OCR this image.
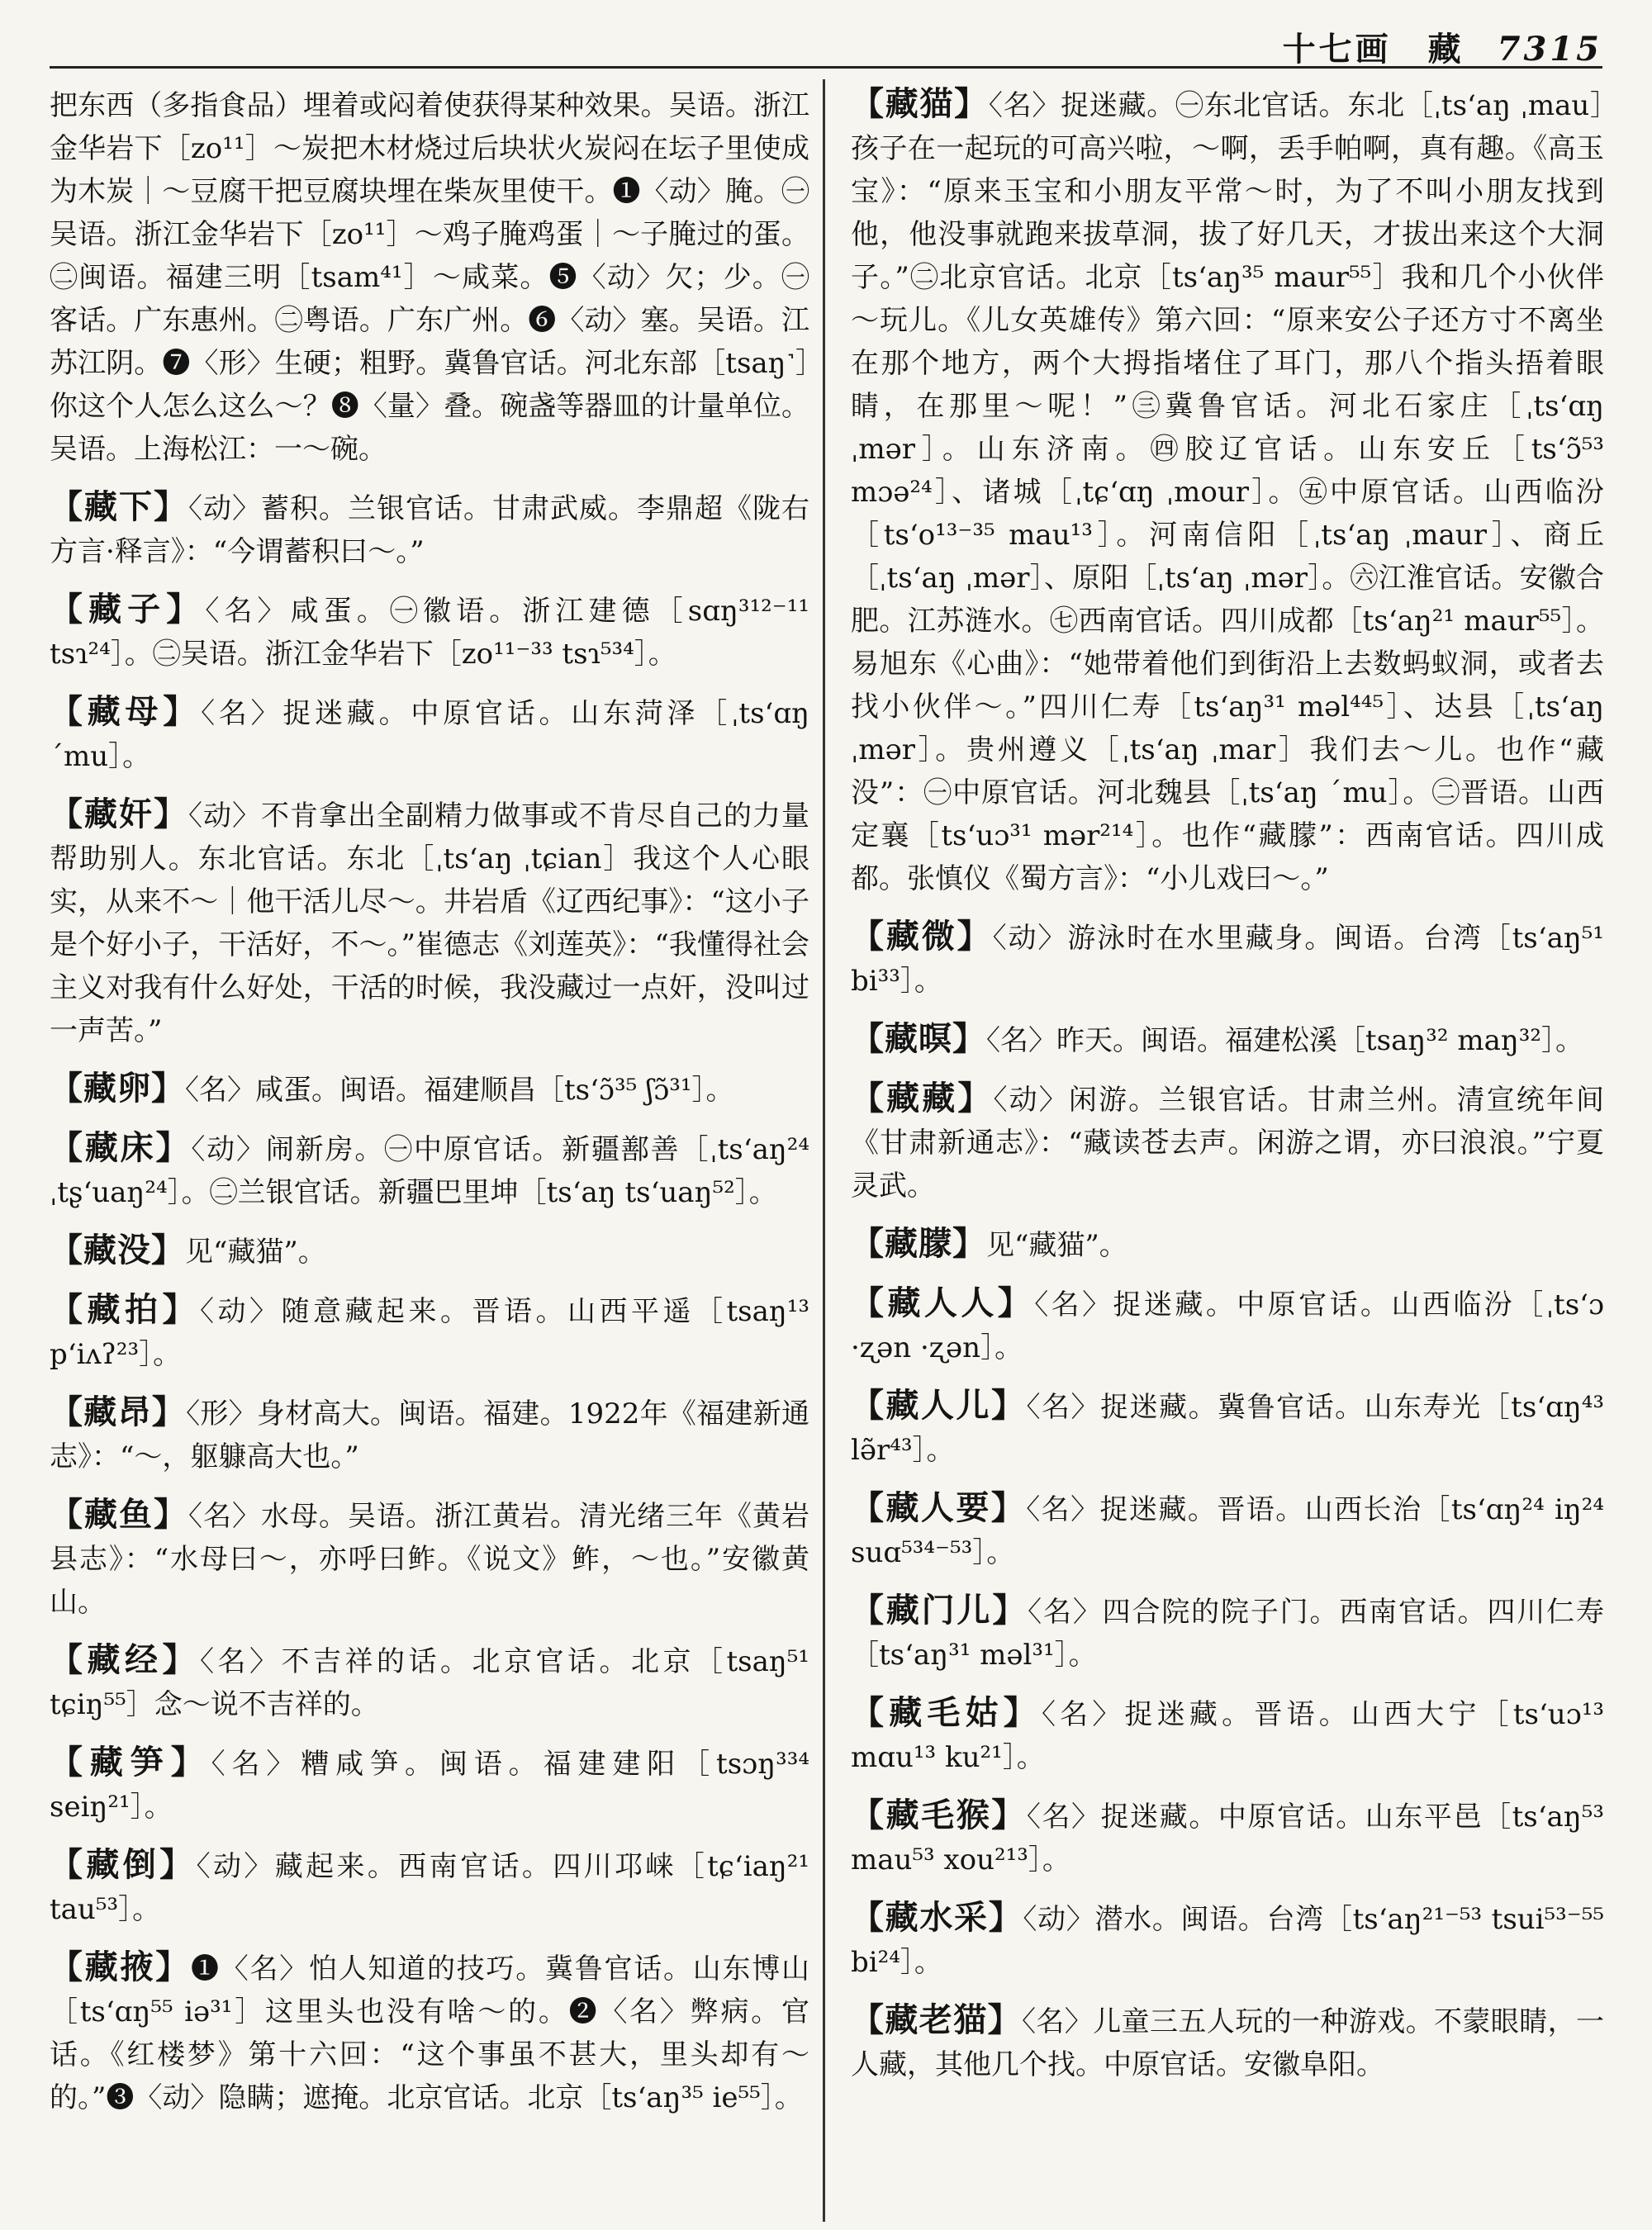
十七画　藏 7315

把东西（多指食品）埋着或闷着使获得某种效果。吴语。浙江金华岩下［zo¹¹］～炭把木材烧过后块状火炭闷在坛子里使成为木炭｜～豆腐干把豆腐块埋在柴灰里使干。❶〈动〉腌。㊀吴语。浙江金华岩下［zo¹¹］～鸡子腌鸡蛋｜～子腌过的蛋。㊁闽语。福建三明［tsam⁴¹］～咸菜。❺〈动〉欠；少。㊀客话。广东惠州。㊁粤语。广东广州。❻〈动〉塞。吴语。江苏江阴。❼〈形〉生硬；粗野。冀鲁官话。河北东部［tsaŋ˺］你这个人怎么这么～？❽〈量〉叠。碗盏等器皿的计量单位。吴语。上海松江：一～碗。

【藏下】〈动〉蓄积。兰银官话。甘肃武威。李鼎超《陇右方言·释言》：“今谓蓄积曰～。”

【藏子】〈名〉咸蛋。㊀徽语。浙江建德［sɑŋ³¹²⁻¹¹ tsɿ²⁴］。㊁吴语。浙江金华岩下［zo¹¹⁻³³ tsɿ⁵³⁴］。

【藏母】〈名〉捉迷藏。中原官话。山东菏泽［ˌtsʻɑŋ ˊmu］。

【藏奸】〈动〉不肯拿出全副精力做事或不肯尽自己的力量帮助别人。东北官话。东北［ˌtsʻaŋ ˌtɕian］我这个人心眼实，从来不～｜他干活儿尽～。井岩盾《辽西纪事》：“这小子是个好小子，干活好，不～。”崔德志《刘莲英》：“我懂得社会主义对我有什么好处，干活的时候，我没藏过一点奸，没叫过一声苦。”

【藏卵】〈名〉咸蛋。闽语。福建顺昌［tsʻɔ̃³⁵ ʃɔ̃³¹］。

【藏床】〈动〉闹新房。㊀中原官话。新疆鄯善［ˌtsʻaŋ²⁴ ˌtʂʻuaŋ²⁴］。㊁兰银官话。新疆巴里坤［tsʻaŋ tsʻuaŋ⁵²］。

【藏没】见“藏猫”。

【藏拍】〈动〉随意藏起来。晋语。山西平遥［tsaŋ¹³ pʻiʌʔ²³］。

【藏昂】〈形〉身材高大。闽语。福建。1922年《福建新通志》：“～，躯躿高大也。”

【藏鱼】〈名〉水母。吴语。浙江黄岩。清光绪三年《黄岩县志》：“水母曰～，亦呼曰鲊。《说文》鲊，～也。”安徽黄山。

【藏经】〈名〉不吉祥的话。北京官话。北京［tsaŋ⁵¹ tɕiŋ⁵⁵］念～说不吉祥的。

【藏笋】〈名〉糟咸笋。闽语。福建建阳［tsɔŋ³³⁴ seiŋ²¹］。

【藏倒】〈动〉藏起来。西南官话。四川邛崃［tɕʻiaŋ²¹ tau⁵³］。

【藏掖】❶〈名〉怕人知道的技巧。冀鲁官话。山东博山［tsʻɑŋ⁵⁵ iə³¹］这里头也没有啥～的。❷〈名〉弊病。官话。《红楼梦》第十六回：“这个事虽不甚大，里头却有～的。”❸〈动〉隐瞒；遮掩。北京官话。北京［tsʻaŋ³⁵ ie⁵⁵］。

【藏猫】〈名〉捉迷藏。㊀东北官话。东北［ˌtsʻaŋ ˌmau］孩子在一起玩的可高兴啦，～啊，丢手帕啊，真有趣。《高玉宝》：“原来玉宝和小朋友平常～时，为了不叫小朋友找到他，他没事就跑来拔草洞，拔了好几天，才拔出来这个大洞子。”㊁北京官话。北京［tsʻaŋ³⁵ maur⁵⁵］我和几个小伙伴～玩儿。《儿女英雄传》第六回：“原来安公子还方寸不离坐在那个地方，两个大拇指堵住了耳门，那八个指头捂着眼睛，在那里～呢！”㊂冀鲁官话。河北石家庄［ˌtsʻɑŋ ˌmər］。山东济南。㊃胶辽官话。山东安丘［tsʻɔ̃⁵³ mɔə²⁴］、诸城［ˌtɕʻɑŋ ˌmour］。㊄中原官话。山西临汾［tsʻo¹³⁻³⁵ mau¹³］。河南信阳［ˌtsʻaŋ ˌmaur］、商丘［ˌtsʻaŋ ˌmər］、原阳［ˌtsʻaŋ ˌmər］。㊅江淮官话。安徽合肥。江苏涟水。㊆西南官话。四川成都［tsʻaŋ²¹ maur⁵⁵］。易旭东《心曲》：“她带着他们到街沿上去数蚂蚁洞，或者去找小伙伴～。”四川仁寿［tsʻaŋ³¹ məl⁴⁴⁵］、达县［ˌtsʻaŋ ˌmər］。贵州遵义［ˌtsʻaŋ ˌmar］我们去～儿。也作“藏没”：㊀中原官话。河北魏县［ˌtsʻaŋ ˊmu］。㊁晋语。山西定襄［tsʻuɔ³¹ mər²¹⁴］。也作“藏朦”：西南官话。四川成都。张慎仪《蜀方言》：“小儿戏曰～。”

【藏微】〈动〉游泳时在水里藏身。闽语。台湾［tsʻaŋ⁵¹ bi³³］。

【藏暝】〈名〉昨天。闽语。福建松溪［tsaŋ³² maŋ³²］。

【藏藏】〈动〉闲游。兰银官话。甘肃兰州。清宣统年间《甘肃新通志》：“藏读苍去声。闲游之谓，亦曰浪浪。”宁夏灵武。

【藏朦】见“藏猫”。

【藏人人】〈名〉捉迷藏。中原官话。山西临汾［ˌtsʻɔ ·ʐən ·ʐən］。

【藏人儿】〈名〉捉迷藏。冀鲁官话。山东寿光［tsʻɑŋ⁴³ lə̃r⁴³］。

【藏人要】〈名〉捉迷藏。晋语。山西长治［tsʻɑŋ²⁴ iŋ²⁴ suɑ⁵³⁴⁻⁵³］。

【藏门儿】〈名〉四合院的院子门。西南官话。四川仁寿［tsʻaŋ³¹ məl³¹］。

【藏毛姑】〈名〉捉迷藏。晋语。山西大宁［tsʻuɔ¹³ mɑu¹³ ku²¹］。

【藏毛猴】〈名〉捉迷藏。中原官话。山东平邑［tsʻaŋ⁵³ mau⁵³ xou²¹³］。

【藏水采】〈动〉潜水。闽语。台湾［tsʻaŋ²¹⁻⁵³ tsui⁵³⁻⁵⁵ bi²⁴］。

【藏老猫】〈名〉儿童三五人玩的一种游戏。不蒙眼睛，一人藏，其他几个找。中原官话。安徽阜阳。
